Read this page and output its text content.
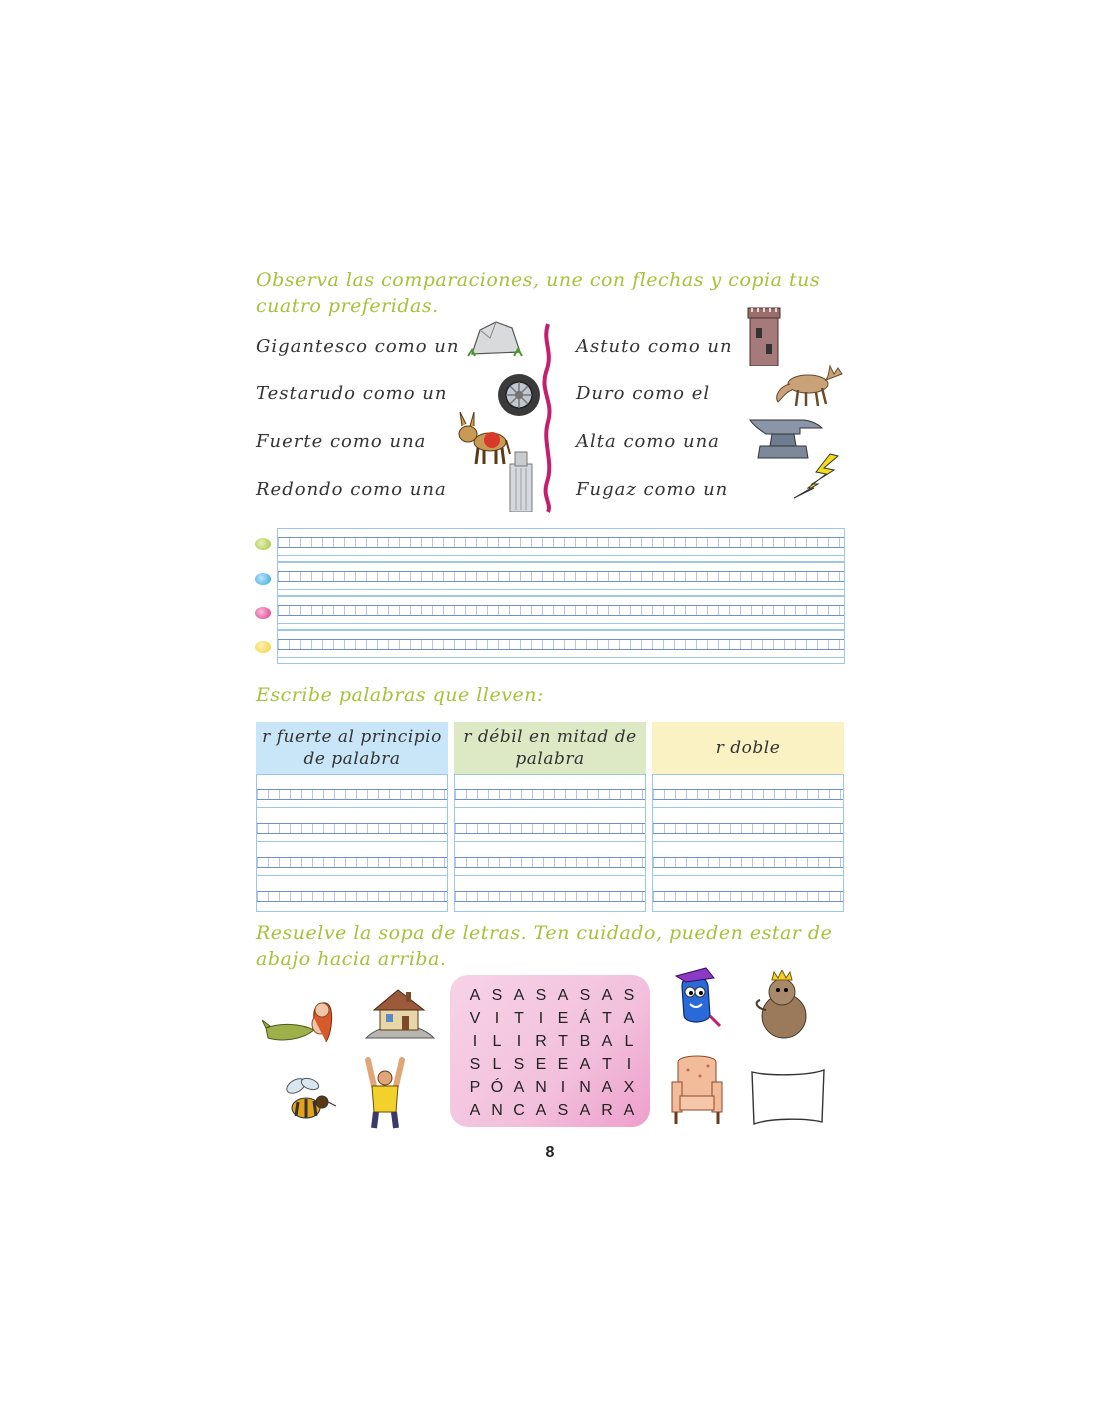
Observa las comparaciones, une con flechas y copia tus cuatro preferidas.
Gigantesco como un
Testarudo como un
Fuerte como una
Redondo como una
Astuto como un
Duro como el
Alta como una
Fugaz como un
Escribe palabras que lleven:
r fuerte al principio de palabra
r débil en mitad de palabra
r doble
Resuelve la sopa de letras. Ten cuidado, pueden estar de abajo hacia arriba.
A S A S A S A S
V I T I E Á T A
I L I R T B A L
S L S E E A T I
P Ó A N I N A X
A N C A S A R A
8
